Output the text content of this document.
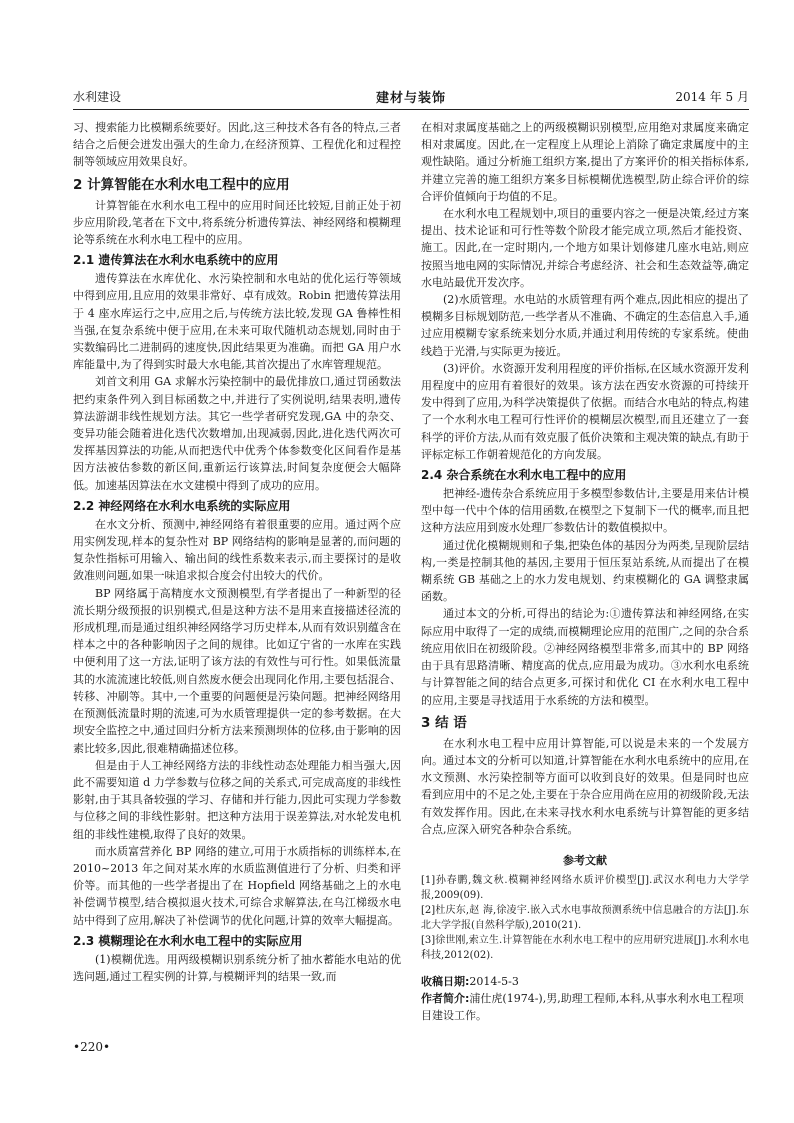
水利建设	建材与装饰	2014 年 5 月

习、搜索能力比模糊系统要好。因此,这三种技术各有各的特点,三者结合之后便会迸发出强大的生命力,在经济预算、工程优化和过程控制等领域应用效果良好。

2 计算智能在水利水电工程中的应用

计算智能在水利水电工程中的应用时间还比较短,目前正处于初步应用阶段,笔者在下文中,将系统分析遗传算法、神经网络和模糊理论等系统在水利水电工程中的应用。

2.1 遗传算法在水利水电系统中的应用

遗传算法在水库优化、水污染控制和水电站的优化运行等领域中得到应用,且应用的效果非常好、卓有成效。Robin 把遗传算法用于 4 座水库运行之中,应用之后,与传统方法比较,发现 GA 鲁棒性相当强,在复杂系统中便于应用,在未来可取代随机动态规划,同时由于实数编码比二进制码的速度快,因此结果更为准确。而把 GA 用户水库能量中,为了得到实时最大水电能,其首次提出了水库管理规范。

刘首文利用 GA 求解水污染控制中的最优排放口,通过罚函数法把约束条件列入到目标函数之中,并进行了实例说明,结果表明,遗传算法游湖非线性规划方法。其它一些学者研究发现,GA 中的杂交、变异功能会随着进化迭代次数增加,出现减弱,因此,进化迭代两次可发挥基因算法的功能,从而把迭代中优秀个体参数变化区间看作是基因方法被估参数的新区间,重新运行该算法,时间复杂度便会大幅降低。加速基因算法在水文建模中得到了成功的应用。

2.2 神经网络在水利水电系统的实际应用

在水文分析、预测中,神经网络有着很重要的应用。通过两个应用实例发现,样本的复杂性对 BP 网络结构的影响是显著的,而问题的复杂性指标可用输入、输出间的线性系数来表示,而主要探讨的是收敛准则问题,如果一味追求拟合度会付出较大的代价。

BP 网络属于高精度水文预测模型,有学者提出了一种新型的径流长期分级预报的识别模式,但是这种方法不是用来直接描述径流的形成机理,而是通过组织神经网络学习历史样本,从而有效识别蕴含在样本之中的各种影响因子之间的规律。比如辽宁省的一水库在实践中便利用了这一方法,证明了该方法的有效性与可行性。如果低流量其的水流流速比较低,则自然废水便会出现同化作用,主要包括混合、转移、冲刷等。其中,一个重要的问题便是污染问题。把神经网络用在预测低流量时期的流速,可为水质管理提供一定的参考数据。在大坝安全监控之中,通过回归分析方法来预测坝体的位移,由于影响的因素比较多,因此,很难精确描述位移。

但是由于人工神经网络方法的非线性动态处理能力相当强大,因此不需要知道 d 力学参数与位移之间的关系式,可完成高度的非线性影射,由于其具备较强的学习、存储和并行能力,因此可实现力学参数与位移之间的非线性影射。把这种方法用于误差算法,对水轮发电机组的非线性建模,取得了良好的效果。

而水质富营养化 BP 网络的建立,可用于水质指标的训练样本,在 2010~2013 年之间对某水库的水质监测值进行了分析、归类和评价等。而其他的一些学者提出了在 Hopfield 网络基础之上的水电补偿调节模型,结合模拟退火技术,可综合求解算法,在乌江梯级水电站中得到了应用,解决了补偿调节的优化问题,计算的效率大幅提高。

2.3 模糊理论在水利水电工程中的实际应用

(1)模糊优选。用两级模糊识别系统分析了抽水蓄能水电站的优选问题,通过工程实例的计算,与模糊评判的结果一致,而

在相对隶属度基础之上的两级模糊识别模型,应用绝对隶属度来确定相对隶属度。因此,在一定程度上从理论上消除了确定隶属度中的主观性缺陷。通过分析施工组织方案,提出了方案评价的相关指标体系,并建立完善的施工组织方案多目标模糊优选模型,防止综合评价的综合评价值倾向于均值的不足。

在水利水电工程规划中,项目的重要内容之一便是决策,经过方案提出、技术论证和可行性等数个阶段才能完成立项,然后才能投资、施工。因此,在一定时期内,一个地方如果计划修建几座水电站,则应按照当地电网的实际情况,并综合考虑经济、社会和生态效益等,确定水电站最优开发次序。

(2)水质管理。水电站的水质管理有两个难点,因此相应的提出了模糊多目标规划防范,一些学者从不准确、不确定的生态信息入手,通过应用模糊专家系统来划分水质,并通过利用传统的专家系统。使曲线趋于光滑,与实际更为接近。

(3)评价。水资源开发利用程度的评价指标,在区域水资源开发利用程度中的应用有着很好的效果。该方法在西安水资源的可持续开发中得到了应用,为科学决策提供了依据。而结合水电站的特点,构建了一个水利水电工程可行性评价的模糊层次模型,而且还建立了一套科学的评价方法,从而有效克服了低价决策和主观决策的缺点,有助于评标定标工作朝着规范化的方向发展。

2.4 杂合系统在水利水电工程中的应用

把神经-遗传杂合系统应用于多模型参数估计,主要是用来估计模型中每一代中个体的信用函数,在模型之下复制下一代的概率,而且把这种方法应用到废水处理厂参数估计的数值模拟中。

通过优化模糊规则和子集,把染色体的基因分为两类,呈现阶层结构,一类是控制其他的基因,主要用于恒压泵站系统,从而提出了在模糊系统 GB 基础之上的水力发电规划、约束模糊化的 GA 调整隶属函数。

通过本文的分析,可得出的结论为:①遗传算法和神经网络,在实际应用中取得了一定的成绩,而模糊理论应用的范围广,之间的杂合系统应用依旧在初级阶段。②神经网络模型非常多,而其中的 BP 网络由于具有思路清晰、精度高的优点,应用最为成功。③水利水电系统与计算智能之间的结合点更多,可探讨和优化 CI 在水利水电工程中的应用,主要是寻找适用于水系统的方法和模型。

3 结 语

在水利水电工程中应用计算智能,可以说是未来的一个发展方向。通过本文的分析可以知道,计算智能在水利水电系统中的应用,在水文预测、水污染控制等方面可以收到良好的效果。但是同时也应看到应用中的不足之处,主要在于杂合应用尚在应用的初级阶段,无法有效发挥作用。因此,在未来寻找水利水电系统与计算智能的更多结合点,应深入研究各种杂合系统。

参考文献

[1]孙春鹏,魏文秋.模糊神经网络水质评价模型[J].武汉水利电力大学学报,2009(09).

[2]杜庆东,赵 海,徐凌宇.嵌入式水电事故预测系统中信息融合的方法[J].东北大学学报(自然科学版),2010(21).

[3]徐世刚,索立生.计算智能在水利水电工程中的应用研究进展[J].水利水电科技,2012(02).

收稿日期:2014-5-3
作者简介:浦仕虎(1974-),男,助理工程师,本科,从事水利水电工程项目建设工作。
•220•
